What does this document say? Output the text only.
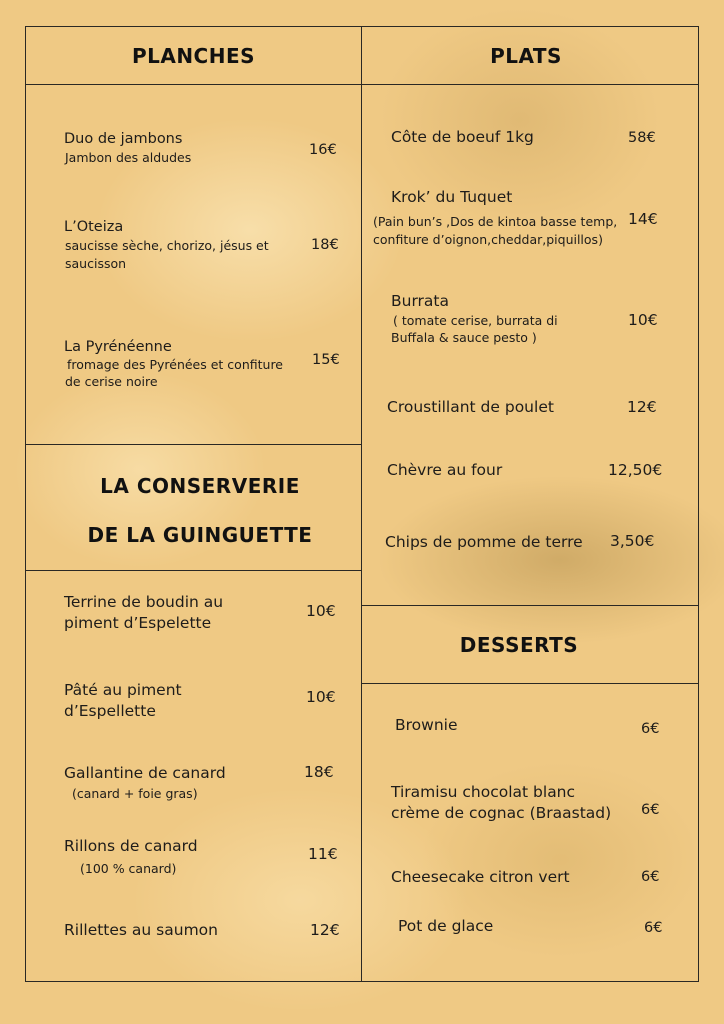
PLANCHES
Duo de jambons
Jambon des aldudes	16€
L’Oteiza
saucisse sèche, chorizo, jésus et
saucisson
18€
La Pyrénéenne
fromage des Pyrénées et confiture
de cerise noire
15€
LA CONSERVERIE
DE LA GUINGUETTE
Terrine de boudin au
piment d’Espelette
10€
Pâté au piment
d’Espellette
10€
Gallantine de canard
(canard + foie gras)
18€
Rillons de canard
(100 % canard)
11€
Rillettes au saumon	12€
PLATS
Côte de boeuf 1kg	58€
Krok’ du Tuquet
(Pain bun’s ,Dos de kintoa basse temp,
confiture d’oignon,cheddar,piquillos)
14€
Burrata
( tomate cerise, burrata di
Buffala & sauce pesto )
10€
Croustillant de poulet	12€
Chèvre au four	12,50€
Chips de pomme de terre 3,50€
DESSERTS
Brownie	6€
Tiramisu chocolat blanc
crème de cognac (Braastad) 6€
Cheesecake citron vert	6€
Pot de glace	6€
